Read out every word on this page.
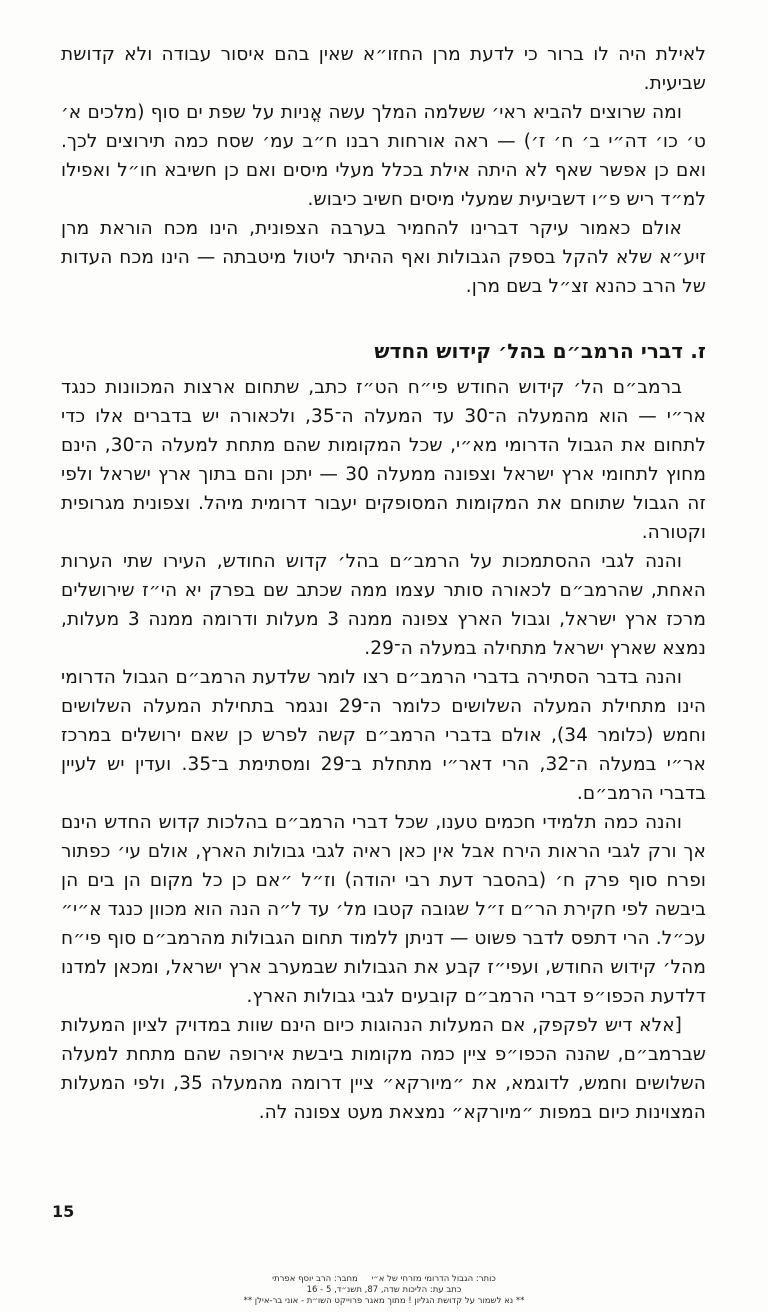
לאילת היה לו ברור כי לדעת מרן החזו״א שאין בהם איסור עבודה ולא קדושת שביעית.

ומה שרוצים להביא ראי׳ ששלמה המלך עשה אֳניות על שפת ים סוף (מלכים א׳ ט׳ כו׳ דה״י ב׳ ח׳ ז׳) — ראה אורחות רבנו ח״ב עמ׳ שסח כמה תירוצים לכך. ואם כן אפשר שאף לא היתה אילת בכלל מעלי מיסים ואם כן חשיבא חו״ל ואפילו למ״ד ריש פ״ו דשביעית שמעלי מיסים חשיב כיבוש.

אולם כאמור עיקר דברינו להחמיר בערבה הצפונית, הינו מכח הוראת מרן זיע״א שלא להקל בספק הגבולות ואף ההיתר ליטול מיטבתה — הינו מכח העדות של הרב כהנא זצ״ל בשם מרן.

ז. דברי הרמב״ם בהל׳ קידוש החדש

ברמב״ם הל׳ קידוש החודש פי״ח הט״ז כתב, שתחום ארצות המכוונות כנגד אר״י — הוא מהמעלה ה־30 עד המעלה ה־35, ולכאורה יש בדברים אלו כדי לתחום את הגבול הדרומי מא״י, שכל המקומות שהם מתחת למעלה ה־30, הינם מחוץ לתחומי ארץ ישראל וצפונה ממעלה 30 — יתכן והם בתוך ארץ ישראל ולפי זה הגבול שתוחם את המקומות המסופקים יעבור דרומית מיהל. וצפונית מגרופית וקטורה.

והנה לגבי ההסתמכות על הרמב״ם בהל׳ קדוש החודש, העירו שתי הערות האחת, שהרמב״ם לכאורה סותר עצמו ממה שכתב שם בפרק יא הי״ז שירושלים מרכז ארץ ישראל, וגבול הארץ צפונה ממנה 3 מעלות ודרומה ממנה 3 מעלות, נמצא שארץ ישראל מתחילה במעלה ה־29.

והנה בדבר הסתירה בדברי הרמב״ם רצו לומר שלדעת הרמב״ם הגבול הדרומי הינו מתחילת המעלה השלושים כלומר ה־29 ונגמר בתחילת המעלה השלושים וחמש (כלומר 34), אולם בדברי הרמב״ם קשה לפרש כן שאם ירושלים במרכז אר״י במעלה ה־32, הרי דאר״י מתחלת ב־29 ומסתימת ב־35. ועדין יש לעיין בדברי הרמב״ם.

והנה כמה תלמידי חכמים טענו, שכל דברי הרמב״ם בהלכות קדוש החדש הינם אך ורק לגבי הראות הירח אבל אין כאן ראיה לגבי גבולות הארץ, אולם עי׳ כפתור ופרח סוף פרק ח׳ (בהסבר דעת רבי יהודה) וז״ל ״אם כן כל מקום הן בים הן ביבשה לפי חקירת הר״ם ז״ל שגובה קטבו מל׳ עד ל״ה הנה הוא מכוון כנגד א״י״ עכ״ל. הרי דתפס לדבר פשוט — דניתן ללמוד תחום הגבולות מהרמב״ם סוף פי״ח מהל׳ קידוש החודש, ועפי״ז קבע את הגבולות שבמערב ארץ ישראל, ומכאן למדנו דלדעת הכפו״פ דברי הרמב״ם קובעים לגבי גבולות הארץ.

[אלא דיש לפקפק, אם המעלות הנהוגות כיום הינם שוות במדויק לציון המעלות שברמב״ם, שהנה הכפו״פ ציין כמה מקומות ביבשת אירופה שהם מתחת למעלה השלושים וחמש, לדוגמא, את ״מיורקא״ ציין דרומה מהמעלה 35, ולפי המעלות המצוינות כיום במפות ״מיורקא״ נמצאת מעט צפונה לה.

15

כותר: הגבול הדרומי מזרחי של א״י     מחבר: הרב יוסף אפרתי

כתב עת: הליכות שדה, 87, תשנ״ד, 5 - 16

** נא לשמור על קדושת הגליון ! מתוך מאגר פרוייקט השו״ת - אוני בר-אילן **
